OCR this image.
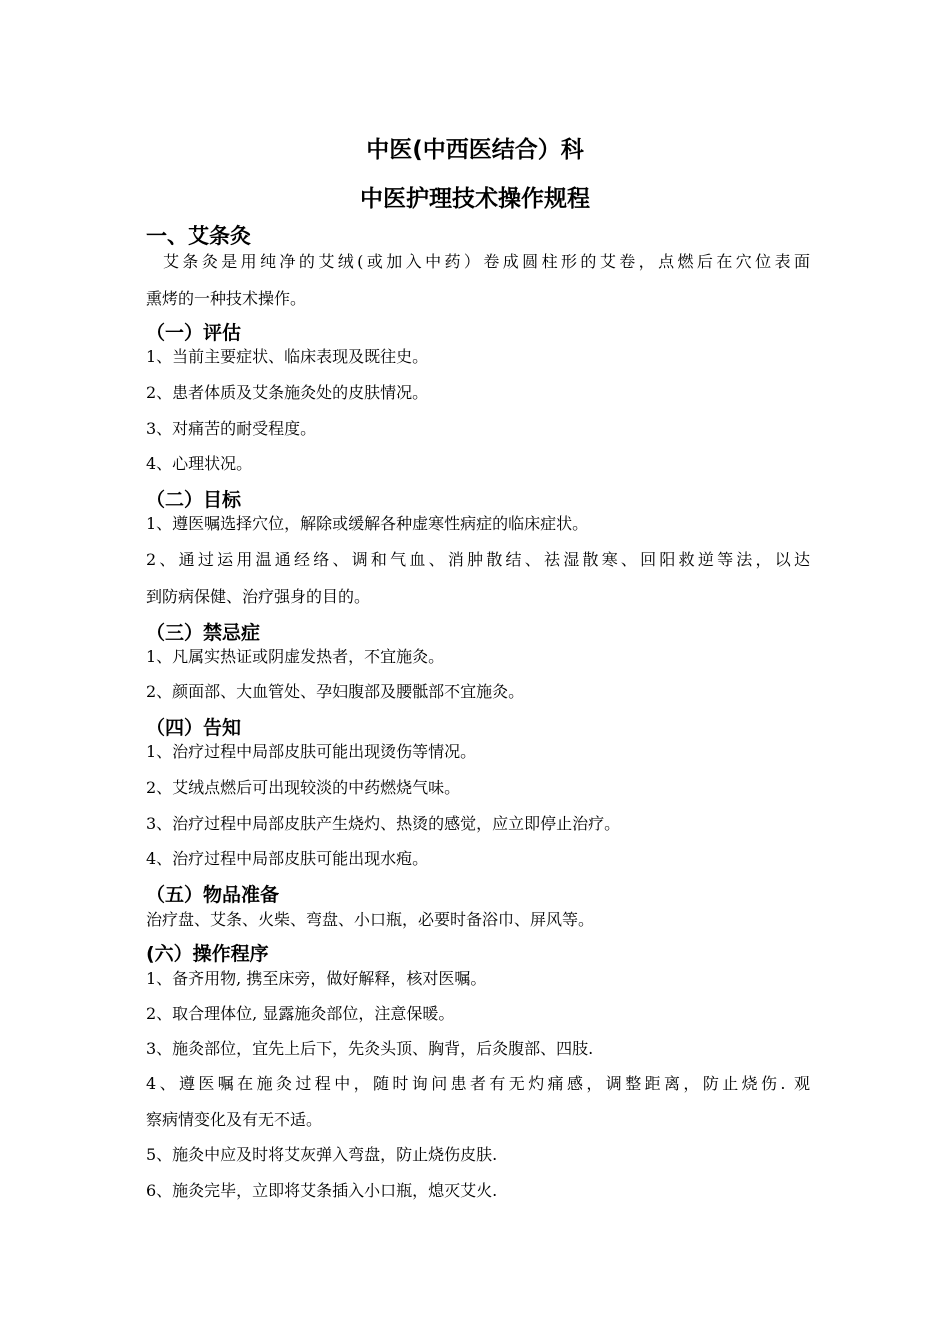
中医(中西医结合）科
中医护理技术操作规程
一、艾条灸
艾条灸是用纯净的艾绒(或加入中药）卷成圆柱形的艾卷，点燃后在穴位表面
熏烤的一种技术操作。
（一）评估
1、当前主要症状、临床表现及既往史。
2、患者体质及艾条施灸处的皮肤情况。
3、对痛苦的耐受程度。
4、心理状况。
（二）目标
1、遵医嘱选择穴位，解除或缓解各种虚寒性病症的临床症状。
2、通过运用温通经络、调和气血、消肿散结、祛湿散寒、回阳救逆等法，以达
到防病保健、治疗强身的目的。
（三）禁忌症
1、凡属实热证或阴虚发热者，不宜施灸。
2、颜面部、大血管处、孕妇腹部及腰骶部不宜施灸。
（四）告知
1、治疗过程中局部皮肤可能出现烫伤等情况。
2、艾绒点燃后可出现较淡的中药燃烧气味。
3、治疗过程中局部皮肤产生烧灼、热烫的感觉，应立即停止治疗。
4、治疗过程中局部皮肤可能出现水疱。
（五）物品准备
治疗盘、艾条、火柴、弯盘、小口瓶，必要时备浴巾、屏风等。
(六）操作程序
1、备齐用物, 携至床旁，做好解释，核对医嘱。
2、取合理体位, 显露施灸部位，注意保暖。
3、施灸部位，宜先上后下，先灸头顶、胸背，后灸腹部、四肢.
4、遵医嘱在施灸过程中，随时询问患者有无灼痛感，调整距离，防止烧伤. 观
察病情变化及有无不适。
5、施灸中应及时将艾灰弹入弯盘，防止烧伤皮肤.
6、施灸完毕，立即将艾条插入小口瓶，熄灭艾火.
